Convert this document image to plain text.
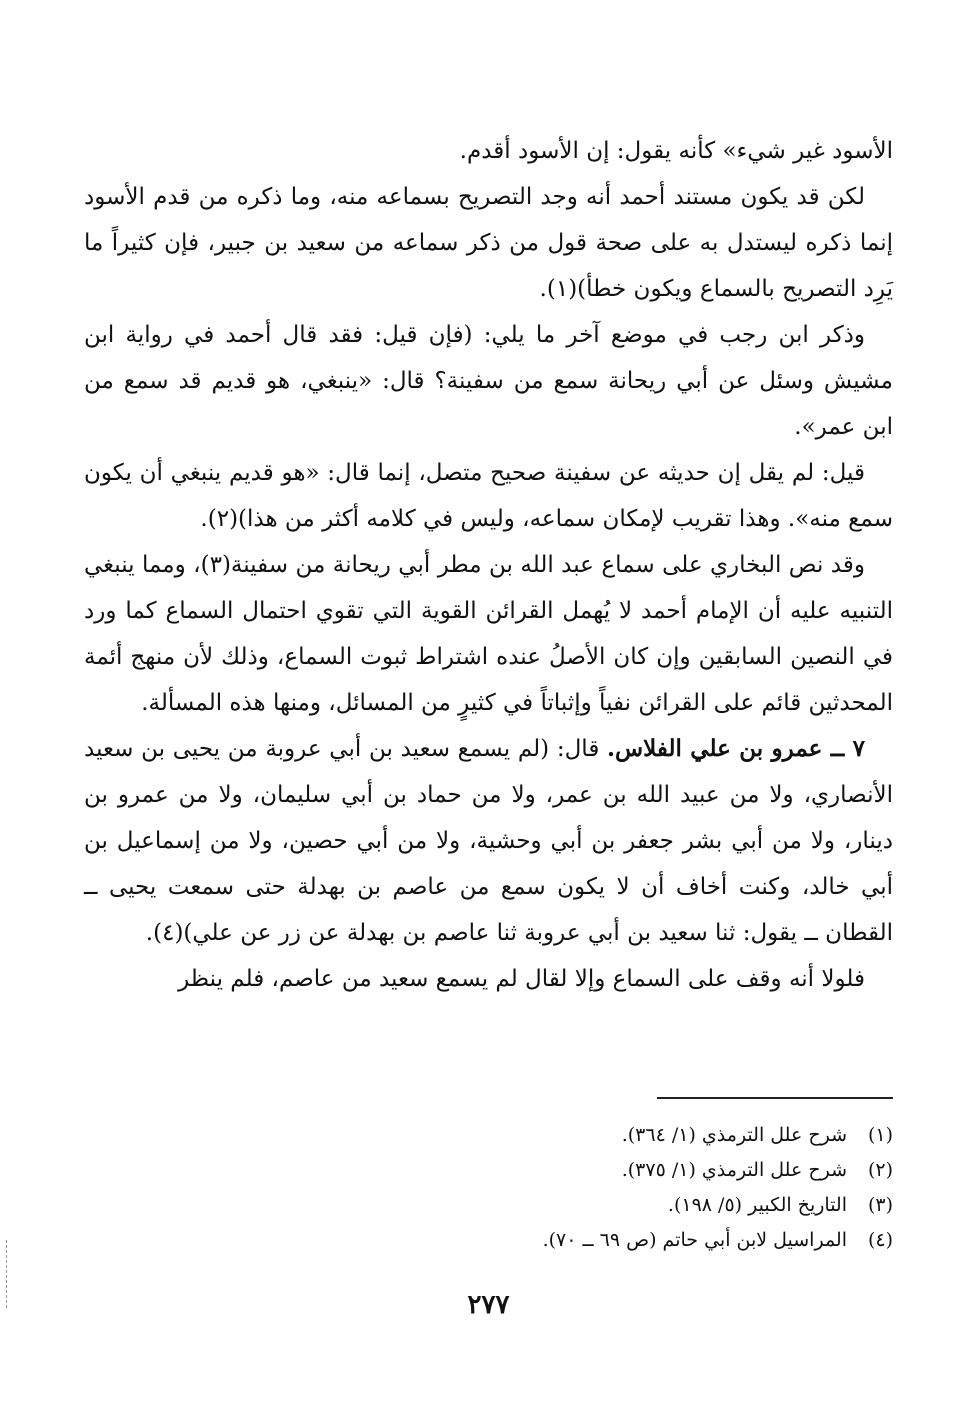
الأسود غير شيء» كأنه يقول: إن الأسود أقدم.

لكن قد يكون مستند أحمد أنه وجد التصريح بسماعه منه، وما ذكره من قدم الأسود إنما ذكره ليستدل به على صحة قول من ذكر سماعه من سعيد بن جبير، فإن كثيراً ما يَرِد التصريح بالسماع ويكون خطأ)(١).

وذكر ابن رجب في موضع آخر ما يلي: (فإن قيل: فقد قال أحمد في رواية ابن مشيش وسئل عن أبي ريحانة سمع من سفينة؟ قال: «ينبغي، هو قديم قد سمع من ابن عمر».

قيل: لم يقل إن حديثه عن سفينة صحيح متصل، إنما قال: «هو قديم ينبغي أن يكون سمع منه». وهذا تقريب لإمكان سماعه، وليس في كلامه أكثر من هذا)(٢).

وقد نص البخاري على سماع عبد الله بن مطر أبي ريحانة من سفينة(٣)، ومما ينبغي التنبيه عليه أن الإمام أحمد لا يُهمل القرائن القوية التي تقوي احتمال السماع كما ورد في النصين السابقين وإن كان الأصلُ عنده اشتراط ثبوت السماع، وذلك لأن منهج أئمة المحدثين قائم على القرائن نفياً وإثباتاً في كثيرٍ من المسائل، ومنها هذه المسألة.

٧ ــ عمرو بن علي الفلاس. قال: (لم يسمع سعيد بن أبي عروبة من يحيى بن سعيد الأنصاري، ولا من عبيد الله بن عمر، ولا من حماد بن أبي سليمان، ولا من عمرو بن دينار، ولا من أبي بشر جعفر بن أبي وحشية، ولا من أبي حصين، ولا من إسماعيل بن أبي خالد، وكنت أخاف أن لا يكون سمع من عاصم بن بهدلة حتى سمعت يحيى ــ القطان ــ يقول: ثنا سعيد بن أبي عروبة ثنا عاصم بن بهدلة عن زر عن علي)(٤).

فلولا أنه وقف على السماع وإلا لقال لم يسمع سعيد من عاصم، فلم ينظر

(١)
شرح علل الترمذي (١/ ٣٦٤).
(٢)
شرح علل الترمذي (١/ ٣٧٥).
(٣)
التاريخ الكبير (٥/ ١٩٨).
(٤)
المراسيل لابن أبي حاتم (ص ٦٩ ــ ٧٠).
٢٧٧
